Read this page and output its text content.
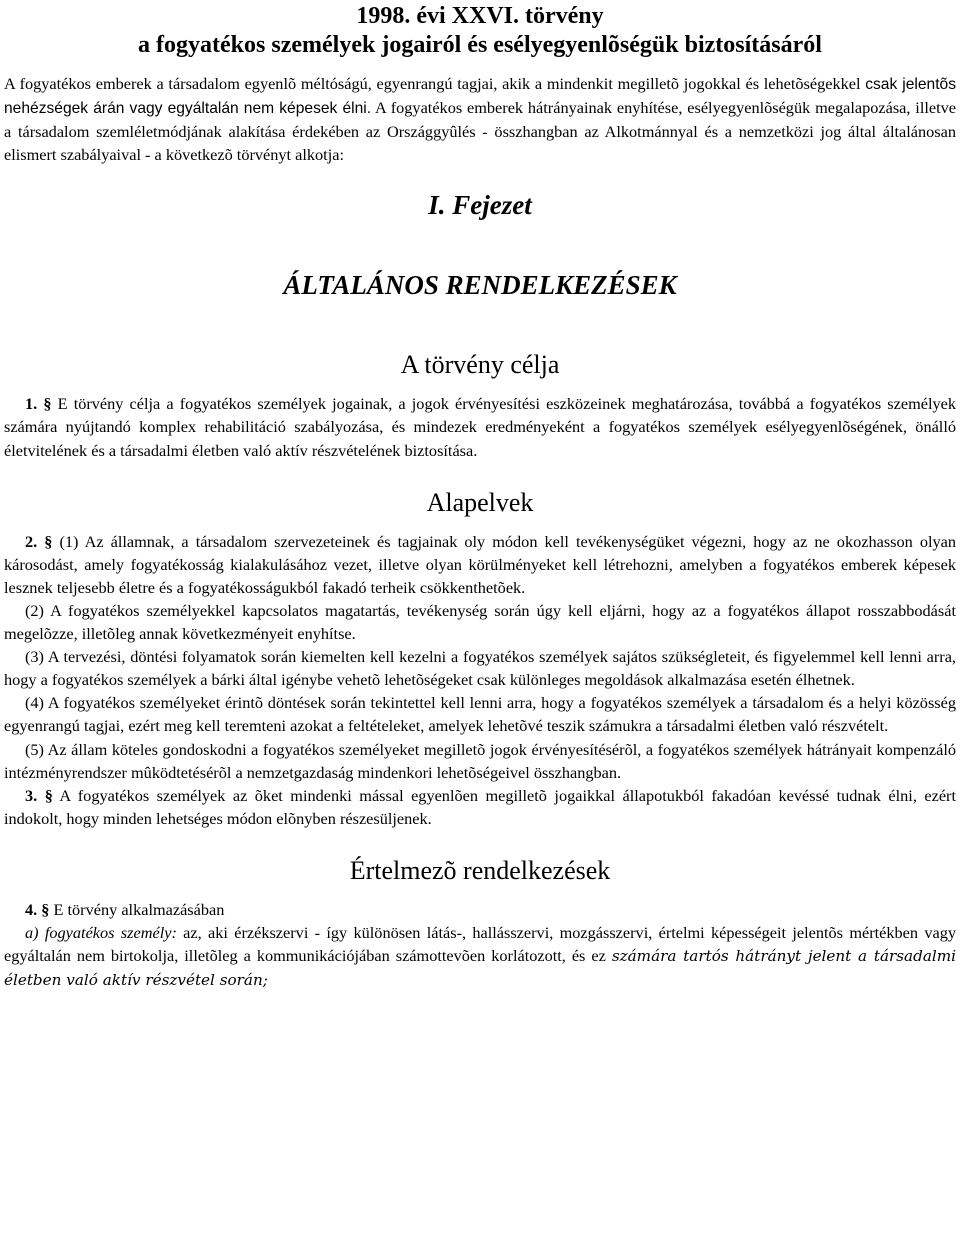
1998. évi XXVI. törvény
a fogyatékos személyek jogairól és esélyegyenlõségük biztosításáról

A fogyatékos emberek a társadalom egyenlõ méltóságú, egyenrangú tagjai, akik a mindenkit megilletõ jogokkal és lehetõségekkel csak jelentõs nehézségek árán vagy egyáltalán nem képesek élni. A fogyatékos emberek hátrányainak enyhítése, esélyegyenlõségük megalapozása, illetve a társadalom szemléletmódjának alakítása érdekében az Országgyûlés - összhangban az Alkotmánnyal és a nemzetközi jog által általánosan elismert szabályaival - a következõ törvényt alkotja:

I. Fejezet

ÁLTALÁNOS RENDELKEZÉSEK

A törvény célja

1. § E törvény célja a fogyatékos személyek jogainak, a jogok érvényesítési eszközeinek meghatározása, továbbá a fogyatékos személyek számára nyújtandó komplex rehabilitáció szabályozása, és mindezek eredményeként a fogyatékos személyek esélyegyenlõségének, önálló életvitelének és a társadalmi életben való aktív részvételének biztosítása.

Alapelvek

2. § (1) Az államnak, a társadalom szervezeteinek és tagjainak oly módon kell tevékenységüket végezni, hogy az ne okozhasson olyan károsodást, amely fogyatékosság kialakulásához vezet, illetve olyan körülményeket kell létrehozni, amelyben a fogyatékos emberek képesek lesznek teljesebb életre és a fogyatékosságukból fakadó terheik csökkenthetõek.

(2) A fogyatékos személyekkel kapcsolatos magatartás, tevékenység során úgy kell eljárni, hogy az a fogyatékos állapot rosszabbodását megelõzze, illetõleg annak következményeit enyhítse.

(3) A tervezési, döntési folyamatok során kiemelten kell kezelni a fogyatékos személyek sajátos szükségleteit, és figyelemmel kell lenni arra, hogy a fogyatékos személyek a bárki által igénybe vehetõ lehetõségeket csak különleges megoldások alkalmazása esetén élhetnek.

(4) A fogyatékos személyeket érintõ döntések során tekintettel kell lenni arra, hogy a fogyatékos személyek a társadalom és a helyi közösség egyenrangú tagjai, ezért meg kell teremteni azokat a feltételeket, amelyek lehetõvé teszik számukra a társadalmi életben való részvételt.

(5) Az állam köteles gondoskodni a fogyatékos személyeket megilletõ jogok érvényesítésérõl, a fogyatékos személyek hátrányait kompenzáló intézményrendszer mûködtetésérõl a nemzetgazdaság mindenkori lehetõségeivel összhangban.

3. § A fogyatékos személyek az õket mindenki mással egyenlõen megilletõ jogaikkal állapotukból fakadóan kevéssé tudnak élni, ezért indokolt, hogy minden lehetséges módon elõnyben részesüljenek.

Értelmezõ rendelkezések

4. § E törvény alkalmazásában

a) fogyatékos személy: az, aki érzékszervi - így különösen látás-, hallásszervi, mozgásszervi, értelmi képességeit jelentõs mértékben vagy egyáltalán nem birtokolja, illetõleg a kommunikációjában számottevõen korlátozott, és ez számára tartós hátrányt jelent a társadalmi életben való aktív részvétel során;
